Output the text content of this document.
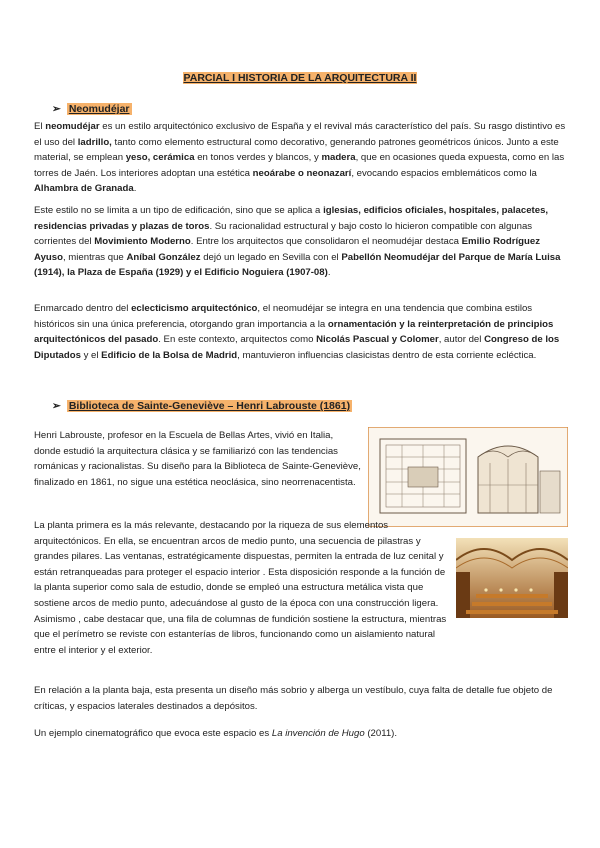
PARCIAL I HISTORIA DE LA ARQUITECTURA II
➢ Neomudéjar

El neomudéjar es un estilo arquitectónico exclusivo de España y el revival más característico del país. Su rasgo distintivo es el uso del ladrillo, tanto como elemento estructural como decorativo, generando patrones geométricos únicos. Junto a este material, se emplean yeso, cerámica en tonos verdes y blancos, y madera, que en ocasiones queda expuesta, como en las torres de Jaén. Los interiores adoptan una estética neoárabe o neonazarí, evocando espacios emblemáticos como la Alhambra de Granada.

Este estilo no se limita a un tipo de edificación, sino que se aplica a iglesias, edificios oficiales, hospitales, palacetes, residencias privadas y plazas de toros. Su racionalidad estructural y bajo costo lo hicieron compatible con algunas corrientes del Movimiento Moderno. Entre los arquitectos que consolidaron el neomudéjar destaca Emilio Rodríguez Ayuso, mientras que Aníbal González dejó un legado en Sevilla con el Pabellón Neomudéjar del Parque de María Luisa (1914), la Plaza de España (1929) y el Edificio Noguiera (1907-08).

Enmarcado dentro del eclecticismo arquitectónico, el neomudéjar se integra en una tendencia que combina estilos históricos sin una única preferencia, otorgando gran importancia a la ornamentación y la reinterpretación de principios arquitectónicos del pasado. En este contexto, arquitectos como Nicolás Pascual y Colomer, autor del Congreso de los Diputados y el Edificio de la Bolsa de Madrid, mantuvieron influencias clasicistas dentro de esta corriente ecléctica.

➢ Biblioteca de Sainte-Geneviève – Henri Labrouste (1861)

Henri Labrouste, profesor en la Escuela de Bellas Artes, vivió en Italia, donde estudió la arquitectura clásica y se familiarizó con las tendencias románicas y racionalistas. Su diseño para la Biblioteca de Sainte-Geneviève, finalizado en 1861, no sigue una estética neoclásica, sino neorrenacentista.

La planta primera es la más relevante, destacando por la riqueza de sus elementos arquitectónicos. En ella, se encuentran arcos de medio punto, una secuencia de pilastras y grandes pilares. Las ventanas, estratégicamente dispuestas, permiten la entrada de luz cenital y están retranqueadas para proteger el espacio interior . Esta disposición responde a la función de la planta superior como sala de estudio, donde se empleó una estructura metálica vista que sostiene arcos de medio punto, adecuándose al gusto de la época con una construcción ligera. Asimismo , cabe destacar que, una fila de columnas de fundición sostiene la estructura, mientras que el perímetro se reviste con estanterías de libros, funcionando como un aislamiento natural entre el interior y el exterior.

En relación a la planta baja, esta presenta un diseño más sobrio y alberga un vestíbulo, cuya falta de detalle fue objeto de críticas, y espacios laterales destinados a depósitos.

Un ejemplo cinematográfico que evoca este espacio es La invención de Hugo (2011).
